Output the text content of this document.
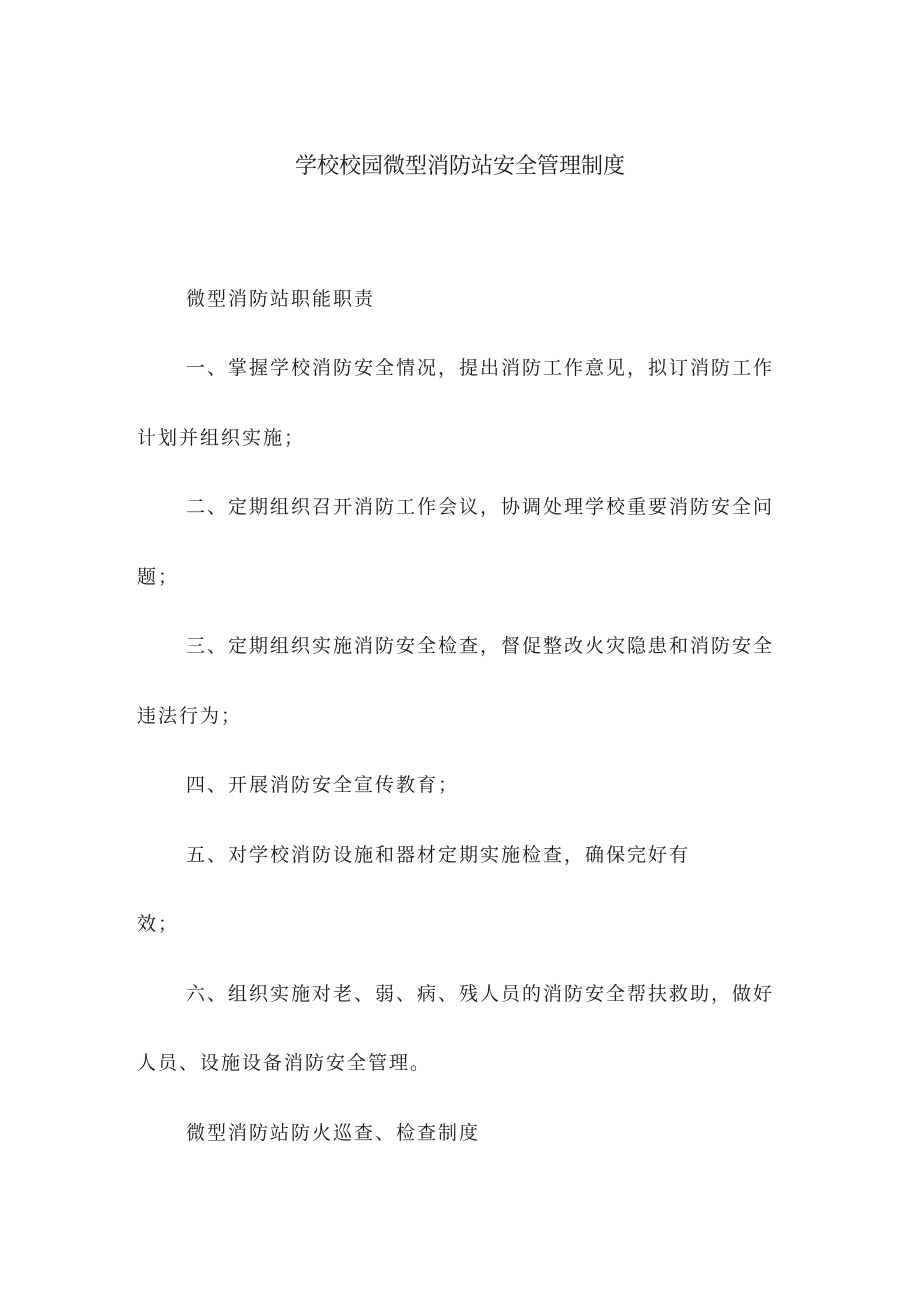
学校校园微型消防站安全管理制度
微型消防站职能职责
一、掌握学校消防安全情况，提出消防工作意见，拟订消防工作
计划并组织实施；
二、定期组织召开消防工作会议，协调处理学校重要消防安全问
题；
三、定期组织实施消防安全检查，督促整改火灾隐患和消防安全
违法行为；
四、开展消防安全宣传教育；
五、对学校消防设施和器材定期实施检查，确保完好有
效；
六、组织实施对老、弱、病、残人员的消防安全帮扶救助，做好
人员、设施设备消防安全管理。
微型消防站防火巡查、检查制度
